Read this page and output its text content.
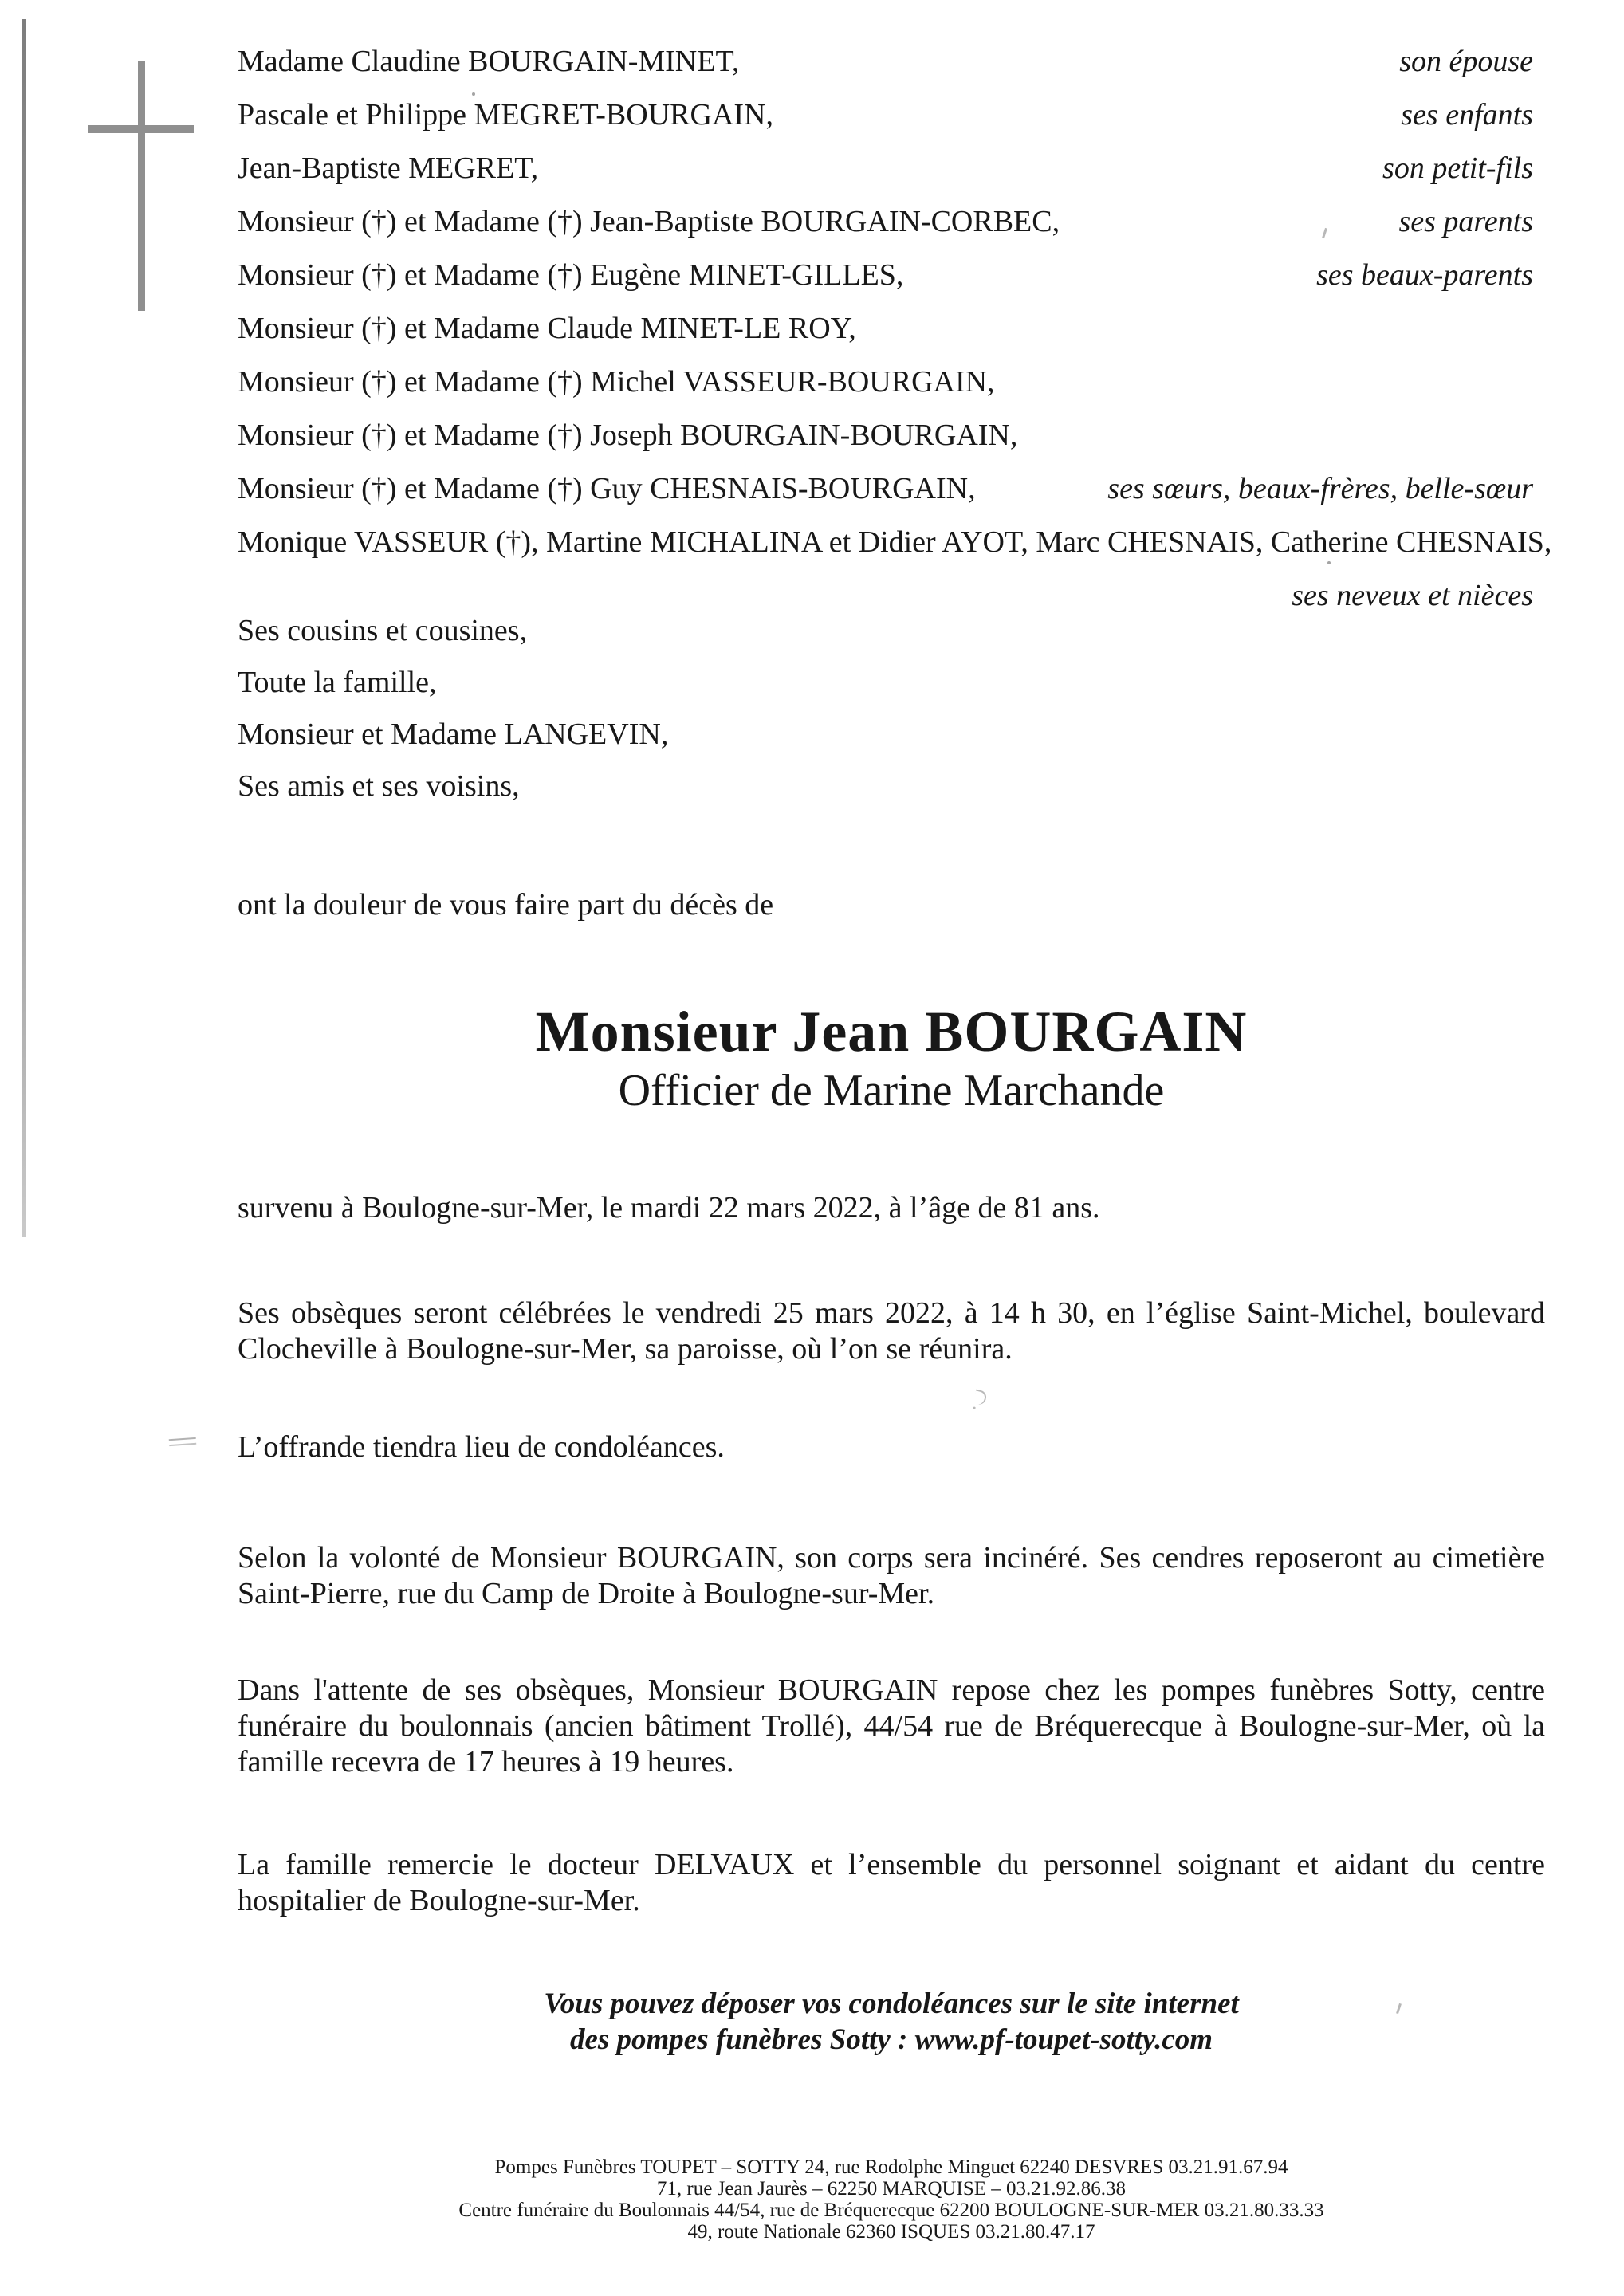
Madame Claudine BOURGAIN-MINET,	son épouse
Pascale et Philippe MEGRET-BOURGAIN,	ses enfants
Jean-Baptiste MEGRET,	son petit-fils
Monsieur (†) et Madame (†) Jean-Baptiste BOURGAIN-CORBEC,	ses parents
Monsieur (†) et Madame (†) Eugène MINET-GILLES,	ses beaux-parents
Monsieur (†) et Madame Claude MINET-LE ROY,
Monsieur (†) et Madame (†) Michel VASSEUR-BOURGAIN,
Monsieur (†) et Madame (†) Joseph BOURGAIN-BOURGAIN,
Monsieur (†) et Madame (†) Guy CHESNAIS-BOURGAIN,	ses sœurs, beaux-frères, belle-sœur
Monique VASSEUR (†), Martine MICHALINA et Didier AYOT, Marc CHESNAIS, Catherine CHESNAIS,
ses neveux et nièces
Ses cousins et cousines,
Toute la famille,
Monsieur et Madame LANGEVIN,
Ses amis et ses voisins,
ont la douleur de vous faire part du décès de
Monsieur Jean BOURGAIN
Officier de Marine Marchande
survenu à Boulogne-sur-Mer, le mardi 22 mars 2022, à l’âge de 81 ans.
Ses obsèques seront célébrées le vendredi 25 mars 2022, à 14 h 30, en l’église Saint-Michel, boulevard
Clocheville à Boulogne-sur-Mer, sa paroisse, où l’on se réunira.
L’offrande tiendra lieu de condoléances.
Selon la volonté de Monsieur BOURGAIN, son corps sera incinéré. Ses cendres reposeront au cimetière
Saint-Pierre, rue du Camp de Droite à Boulogne-sur-Mer.
Dans l'attente de ses obsèques, Monsieur BOURGAIN repose chez les pompes funèbres Sotty, centre
funéraire du boulonnais (ancien bâtiment Trollé), 44/54 rue de Bréquerecque à Boulogne-sur-Mer, où la
famille recevra de 17 heures à 19 heures.
La famille remercie le docteur DELVAUX et l’ensemble du personnel soignant et aidant du centre
hospitalier de Boulogne-sur-Mer.
Vous pouvez déposer vos condoléances sur le site internet
des pompes funèbres Sotty : www.pf-toupet-sotty.com
Pompes Funèbres TOUPET – SOTTY 24, rue Rodolphe Minguet 62240 DESVRES 03.21.91.67.94
71, rue Jean Jaurès – 62250 MARQUISE – 03.21.92.86.38
Centre funéraire du Boulonnais 44/54, rue de Bréquerecque 62200 BOULOGNE-SUR-MER 03.21.80.33.33
49, route Nationale 62360 ISQUES 03.21.80.47.17
